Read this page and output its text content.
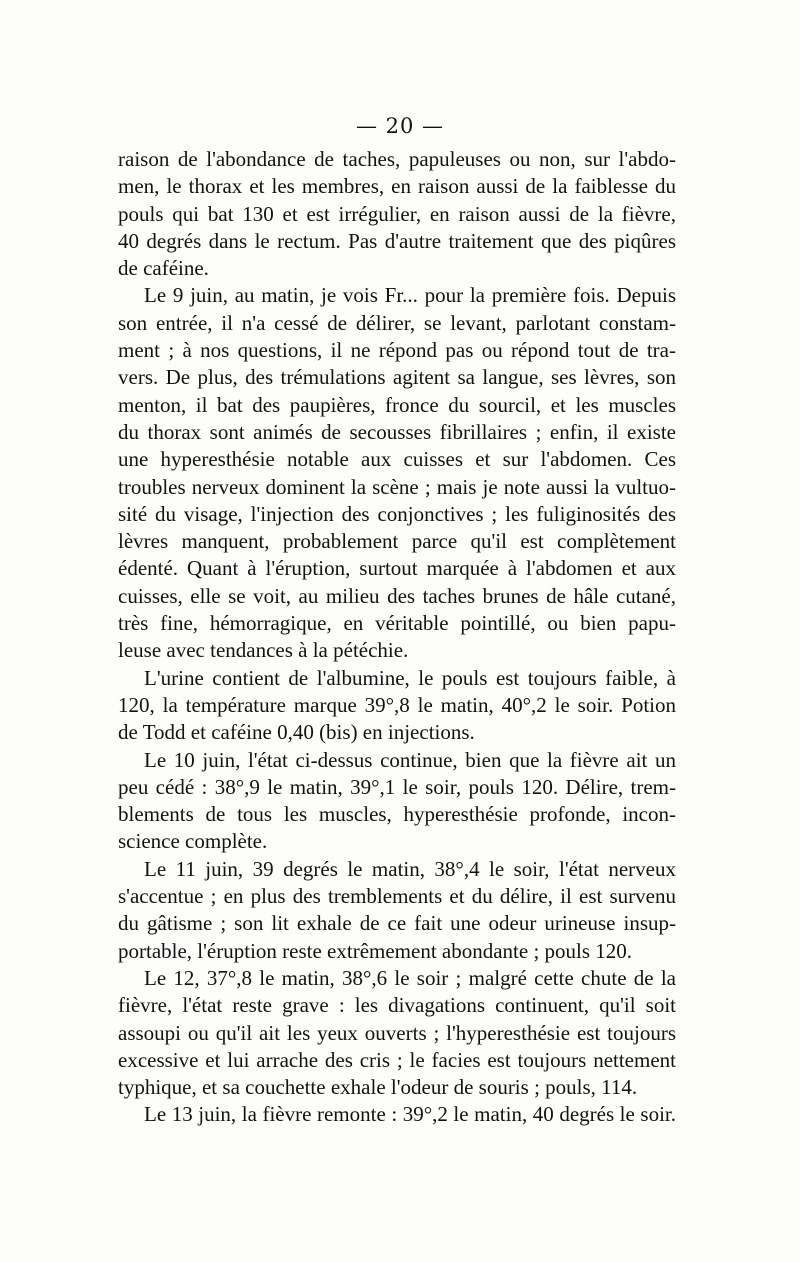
— 20 —
raison de l'abondance de taches, papuleuses ou non, sur l'abdo-
men, le thorax et les membres, en raison aussi de la faiblesse du
pouls qui bat 130 et est irrégulier, en raison aussi de la fièvre,
40 degrés dans le rectum. Pas d'autre traitement que des piqûres
de caféine.
Le 9 juin, au matin, je vois Fr... pour la première fois. Depuis
son entrée, il n'a cessé de délirer, se levant, parlotant constam-
ment ; à nos questions, il ne répond pas ou répond tout de tra-
vers. De plus, des trémulations agitent sa langue, ses lèvres, son
menton, il bat des paupières, fronce du sourcil, et les muscles
du thorax sont animés de secousses fibrillaires ; enfin, il existe
une hyperesthésie notable aux cuisses et sur l'abdomen. Ces
troubles nerveux dominent la scène ; mais je note aussi la vultuo-
sité du visage, l'injection des conjonctives ; les fuliginosités des
lèvres manquent, probablement parce qu'il est complètement
édenté. Quant à l'éruption, surtout marquée à l'abdomen et aux
cuisses, elle se voit, au milieu des taches brunes de hâle cutané,
très fine, hémorragique, en véritable pointillé, ou bien papu-
leuse avec tendances à la pétéchie.
L'urine contient de l'albumine, le pouls est toujours faible, à
120, la température marque 39°,8 le matin, 40°,2 le soir. Potion
de Todd et caféine 0,40 (bis) en injections.
Le 10 juin, l'état ci-dessus continue, bien que la fièvre ait un
peu cédé : 38°,9 le matin, 39°,1 le soir, pouls 120. Délire, trem-
blements de tous les muscles, hyperesthésie profonde, incon-
science complète.
Le 11 juin, 39 degrés le matin, 38°,4 le soir, l'état nerveux
s'accentue ; en plus des tremblements et du délire, il est survenu
du gâtisme ; son lit exhale de ce fait une odeur urineuse insup-
portable, l'éruption reste extrêmement abondante ; pouls 120.
Le 12, 37°,8 le matin, 38°,6 le soir ; malgré cette chute de la
fièvre, l'état reste grave : les divagations continuent, qu'il soit
assoupi ou qu'il ait les yeux ouverts ; l'hyperesthésie est toujours
excessive et lui arrache des cris ; le facies est toujours nettement
typhique, et sa couchette exhale l'odeur de souris ; pouls, 114.
Le 13 juin, la fièvre remonte : 39°,2 le matin, 40 degrés le soir.
